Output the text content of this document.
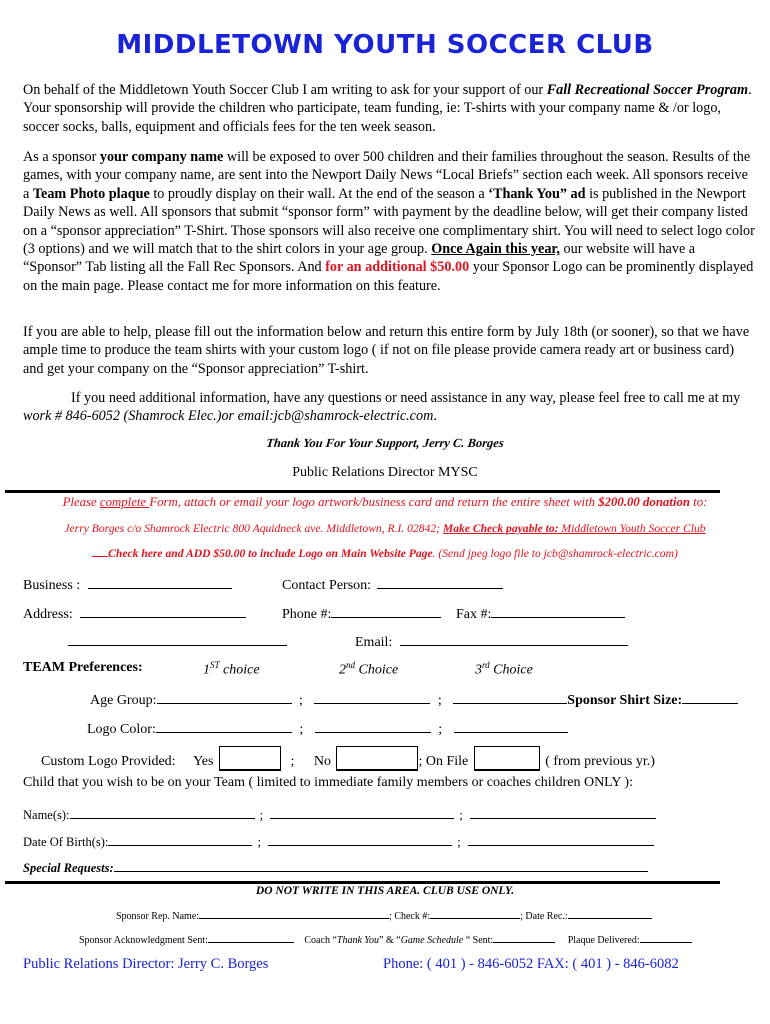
MIDDLETOWN YOUTH SOCCER CLUB
On behalf of the Middletown Youth Soccer Club I am writing to ask for your support of our Fall Recreational Soccer Program. Your sponsorship will provide the children who participate, team funding, ie: T-shirts with your company name & /or logo, soccer socks, balls, equipment and officials fees for the ten week season.
As a sponsor your company name will be exposed to over 500 children and their families throughout the season. Results of the games, with your company name, are sent into the Newport Daily News “Local Briefs” section each week. All sponsors receive a Team Photo plaque to proudly display on their wall. At the end of the season a ‘Thank You” ad is published in the Newport Daily News as well. All sponsors that submit “sponsor form” with payment by the deadline below, will get their company listed on a “sponsor appreciation” T-Shirt. Those sponsors will also receive one complimentary shirt. You will need to select logo color (3 options) and we will match that to the shirt colors in your age group. Once Again this year, our website will have a “Sponsor” Tab listing all the Fall Rec Sponsors. And for an additional $50.00 your Sponsor Logo can be prominently displayed on the main page. Please contact me for more information on this feature.
If you are able to help, please fill out the information below and return this entire form by July 18th (or sooner), so that we have ample time to produce the team shirts with your custom logo ( if not on file please provide camera ready art or business card) and get your company on the “Sponsor appreciation” T-shirt.
If you need additional information, have any questions or need assistance in any way, please feel free to call me at my work # 846-6052 (Shamrock Elec.)or email:jcb@shamrock-electric.com.
Thank You For Your Support, Jerry C. Borges
Public Relations Director MYSC
Please complete Form, attach or email your logo artwork/business card and return the entire sheet with $200.00 donation to:
Jerry Borges c/o Shamrock Electric 800 Aquidneck ave. Middletown, R.I. 02842; Make Check payable to: Middletown Youth Soccer Club
Check here and ADD $50.00 to include Logo on Main Website Page. (Send jpeg logo file to jcb@shamrock-electric.com)
Business :	Contact Person:
Address:	Phone #:	Fax #:
Email:
TEAM Preferences:	1ST choice	2nd Choice	3rd Choice
Age Group:	;	;	Sponsor Shirt Size:
Logo Color:	;	;
Custom Logo Provided: Yes	; No	; On File	( from previous yr.)
Child that you wish to be on your Team ( limited to immediate family members or coaches children ONLY ):
Name(s):	;	;
Date Of Birth(s):	;	;
Special Requests:
DO NOT WRITE IN THIS AREA. CLUB USE ONLY.
Sponsor Rep. Name:	; Check #:	; Date Rec.:
Sponsor Acknowledgment Sent:	Coach “Thank You” & “Game Schedule “ Sent:	Plaque Delivered:
Public Relations Director: Jerry C. Borges	Phone: ( 401 ) - 846-6052 FAX: ( 401 ) - 846-6082
